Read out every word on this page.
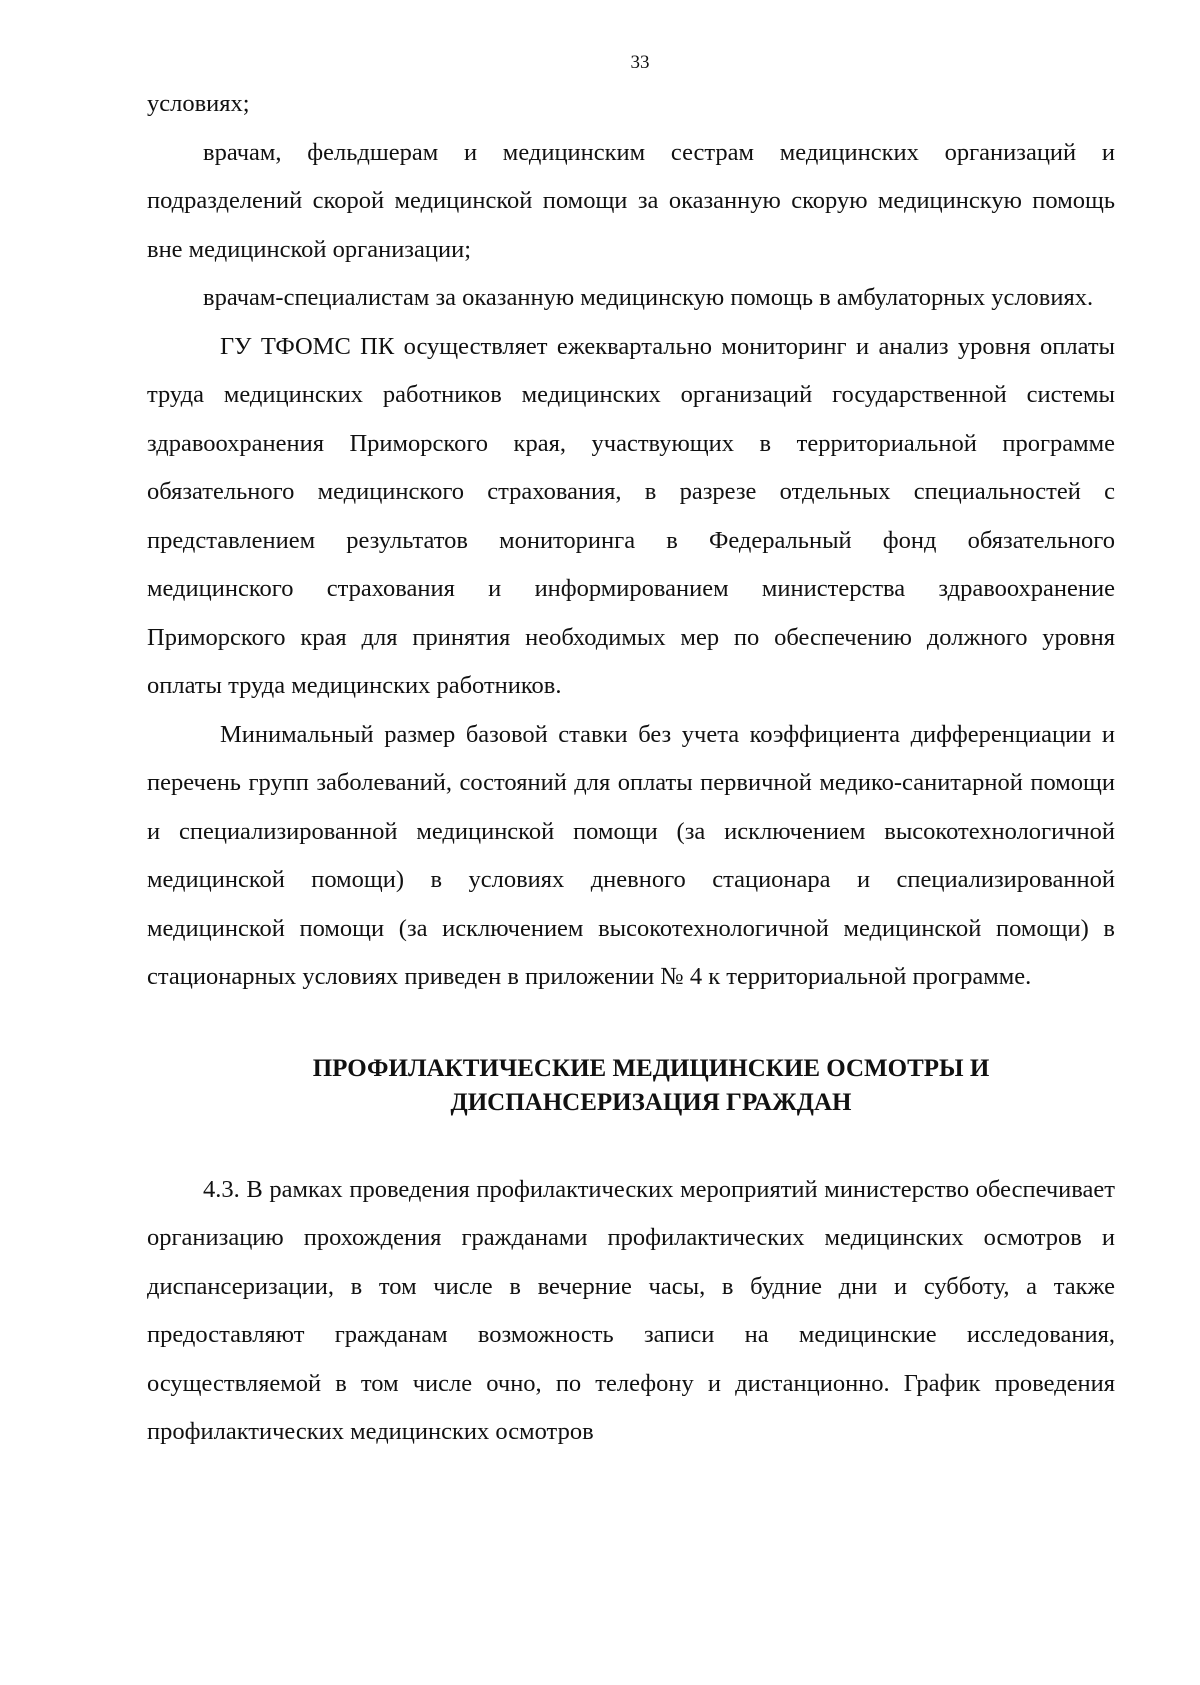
33

условиях;

врачам, фельдшерам и медицинским сестрам медицинских организаций и подразделений скорой медицинской помощи за оказанную скорую медицинскую помощь вне медицинской организации;

врачам-специалистам за оказанную медицинскую помощь в амбулаторных условиях.

ГУ ТФОМС ПК осуществляет ежеквартально мониторинг и анализ уровня оплаты труда медицинских работников медицинских организаций государственной системы здравоохранения Приморского края, участвующих в территориальной программе обязательного медицинского страхования, в разрезе отдельных специальностей с представлением результатов мониторинга в Федеральный фонд обязательного медицинского страхования и информированием министерства здравоохранение Приморского края для принятия необходимых мер по обеспечению должного уровня оплаты труда медицинских работников.

Минимальный размер базовой ставки без учета коэффициента дифференциации и перечень групп заболеваний, состояний для оплаты первичной медико-санитарной помощи и специализированной медицинской помощи (за исключением высокотехнологичной медицинской помощи) в условиях дневного стационара и специализированной медицинской помощи (за исключением высокотехнологичной медицинской помощи) в стационарных условиях приведен в приложении № 4 к территориальной программе.

ПРОФИЛАКТИЧЕСКИЕ МЕДИЦИНСКИЕ ОСМОТРЫ И
ДИСПАНСЕРИЗАЦИЯ ГРАЖДАН

4.3. В рамках проведения профилактических мероприятий министерство обеспечивает организацию прохождения гражданами профилактических медицинских осмотров и диспансеризации, в том числе в вечерние часы, в будние дни и субботу, а также предоставляют гражданам возможность записи на медицинские исследования, осуществляемой в том числе очно, по телефону и дистанционно. График проведения профилактических медицинских осмотров
